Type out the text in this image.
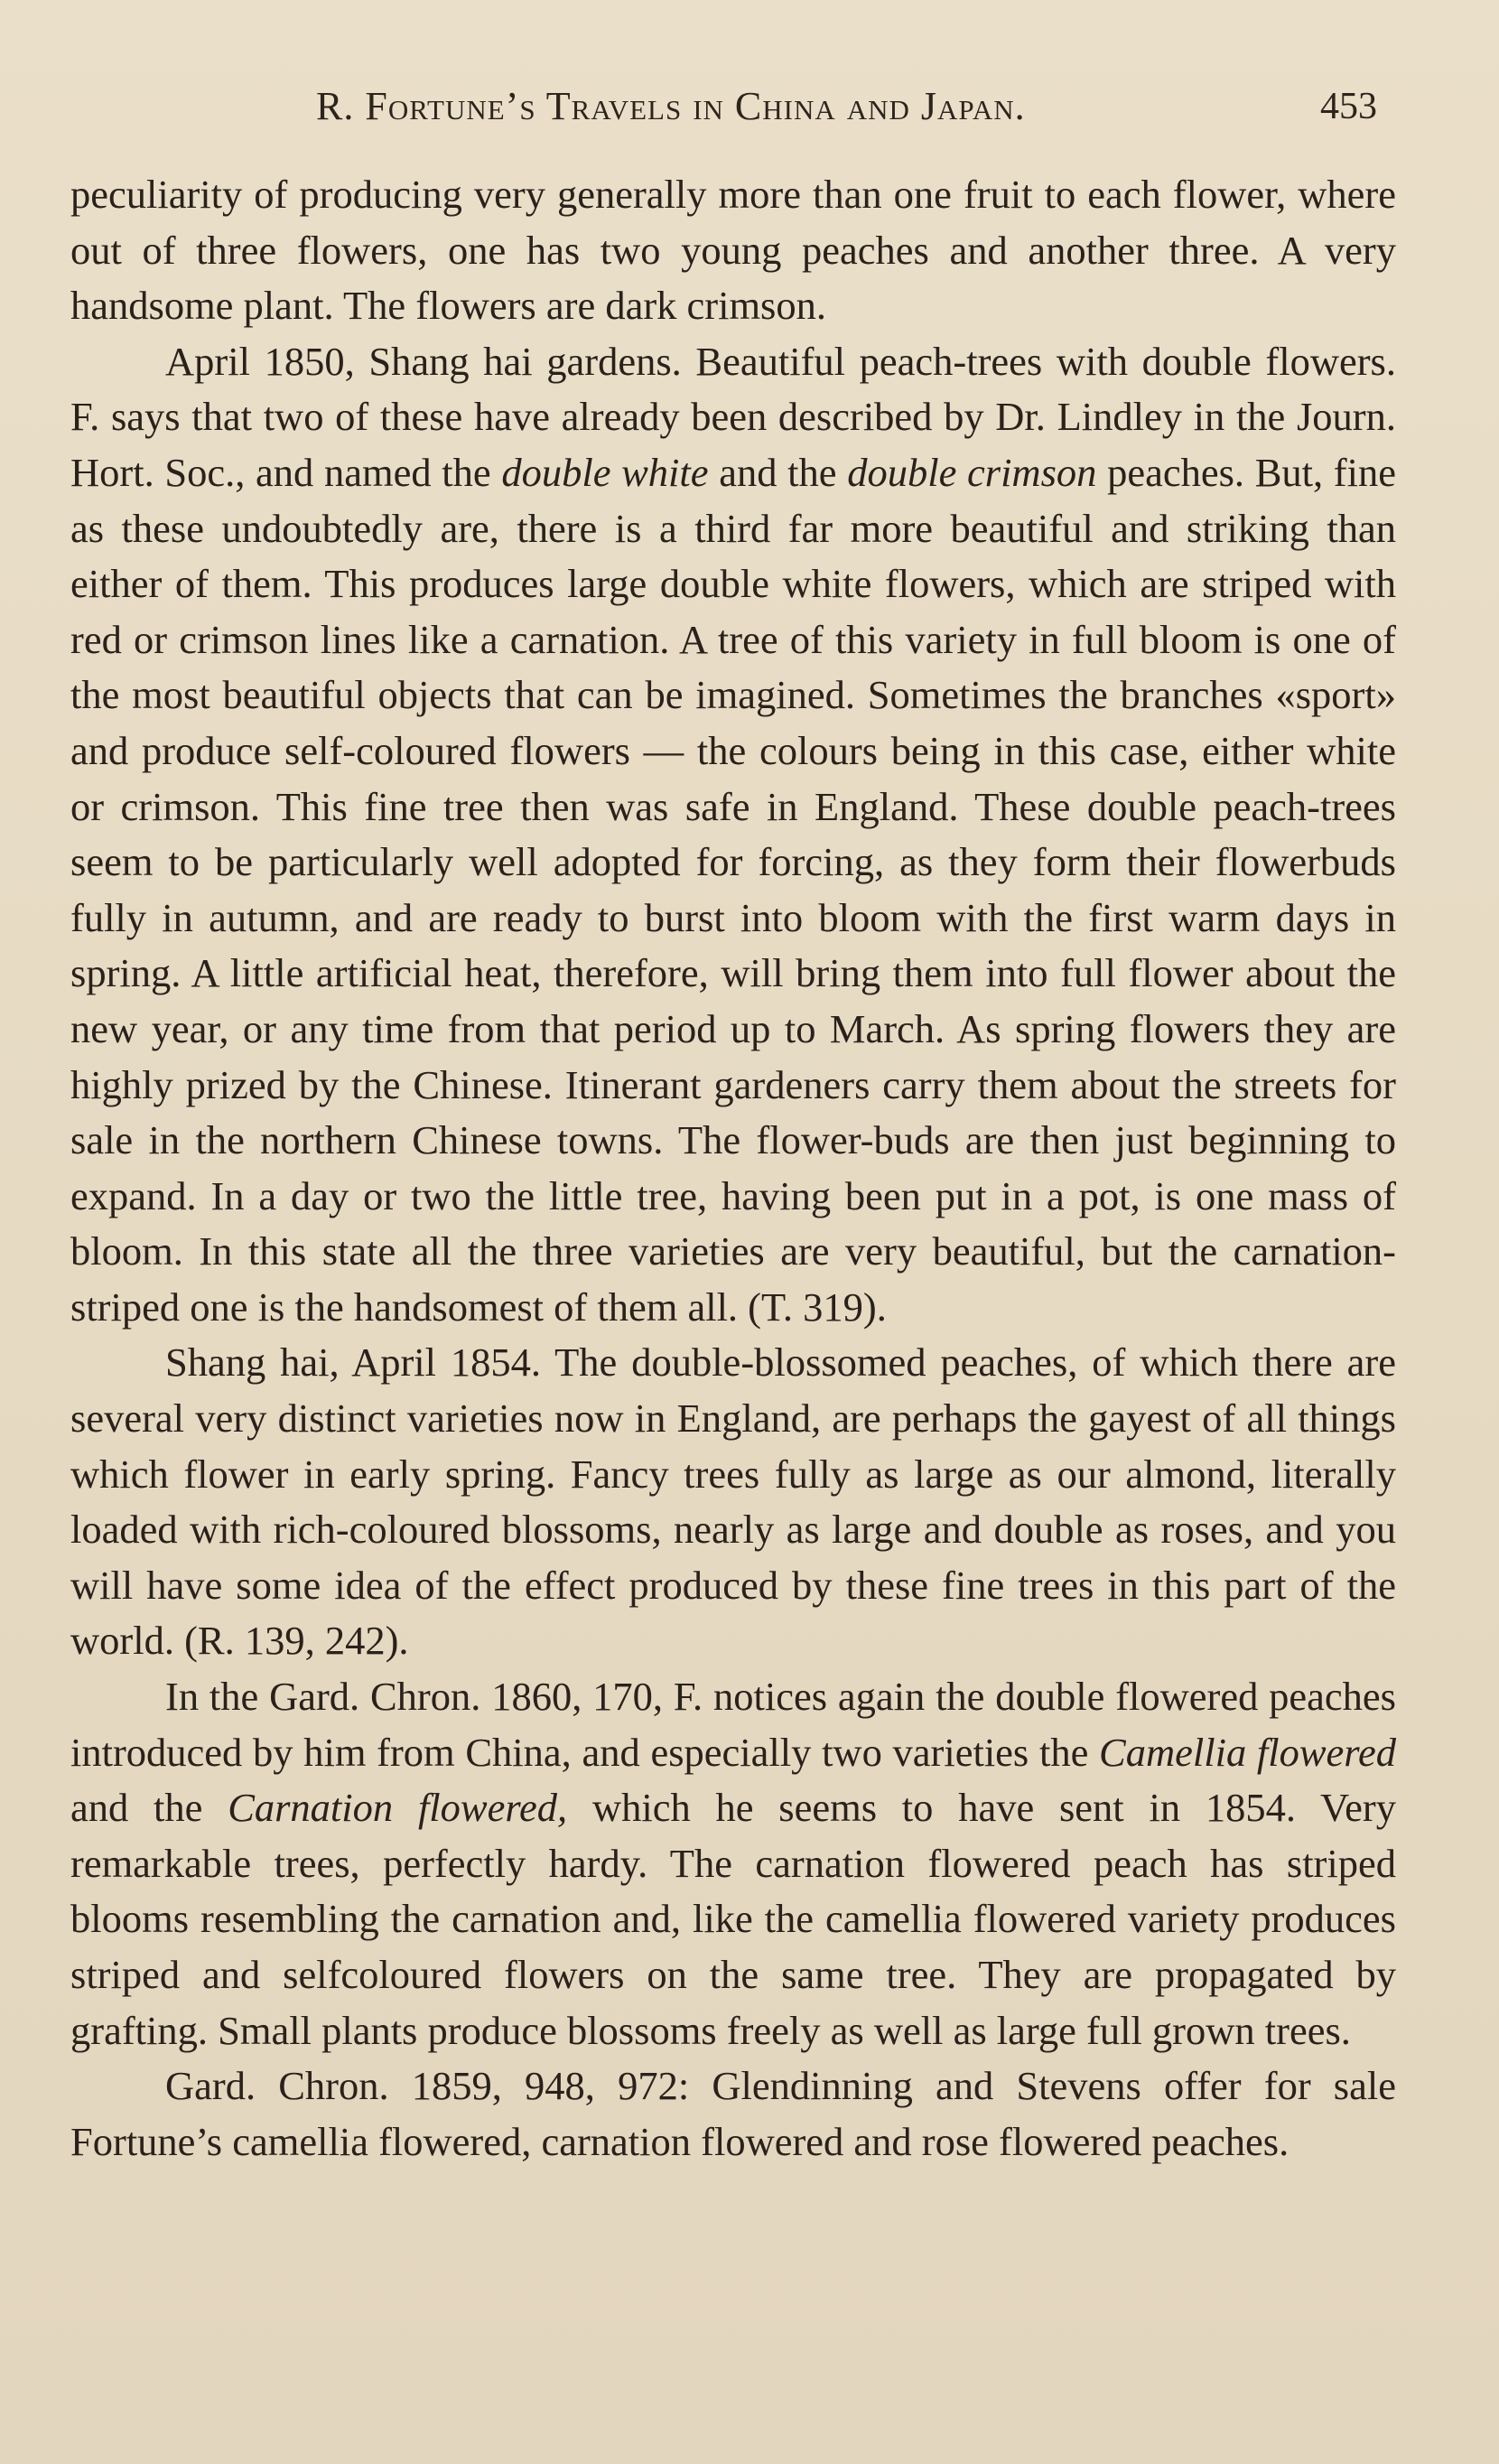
R. Fortune’s Travels in China and Japan.	453

peculiarity of producing very generally more than one fruit to each flower, where out of three flowers, one has two young peaches and another three. A very handsome plant. The flowers are dark crimson.

April 1850, Shang hai gardens. Beautiful peach-trees with double flowers. F. says that two of these have already been described by Dr. Lindley in the Journ. Hort. Soc., and named the double white and the double crimson peaches. But, fine as these undoubtedly are, there is a third far more beautiful and striking than either of them. This produces large double white flowers, which are striped with red or crimson lines like a carnation. A tree of this variety in full bloom is one of the most beautiful objects that can be imagined. Sometimes the branches «sport» and produce self-coloured flowers — the colours being in this case, either white or crimson. This fine tree then was safe in England. These double peach-trees seem to be particularly well adopted for forcing, as they form their flowerbuds fully in autumn, and are ready to burst into bloom with the first warm days in spring. A little artificial heat, therefore, will bring them into full flower about the new year, or any time from that period up to March. As spring flowers they are highly prized by the Chinese. Itinerant gardeners carry them about the streets for sale in the northern Chinese towns. The flower-buds are then just beginning to expand. In a day or two the little tree, having been put in a pot, is one mass of bloom. In this state all the three varieties are very beautiful, but the carnation-striped one is the handsomest of them all. (T. 319).

Shang hai, April 1854. The double-blossomed peaches, of which there are several very distinct varieties now in England, are perhaps the gayest of all things which flower in early spring. Fancy trees fully as large as our almond, literally loaded with rich-coloured blossoms, nearly as large and double as roses, and you will have some idea of the effect produced by these fine trees in this part of the world. (R. 139, 242).

In the Gard. Chron. 1860, 170, F. notices again the double flowered peaches introduced by him from China, and especially two varieties the Camellia flowered and the Carnation flowered, which he seems to have sent in 1854. Very remarkable trees, perfectly hardy. The carnation flowered peach has striped blooms resembling the carnation and, like the camellia flowered variety produces striped and selfcoloured flowers on the same tree. They are propagated by grafting. Small plants produce blossoms freely as well as large full grown trees.

Gard. Chron. 1859, 948, 972: Glendinning and Stevens offer for sale Fortune’s camellia flowered, carnation flowered and rose flowered peaches.
